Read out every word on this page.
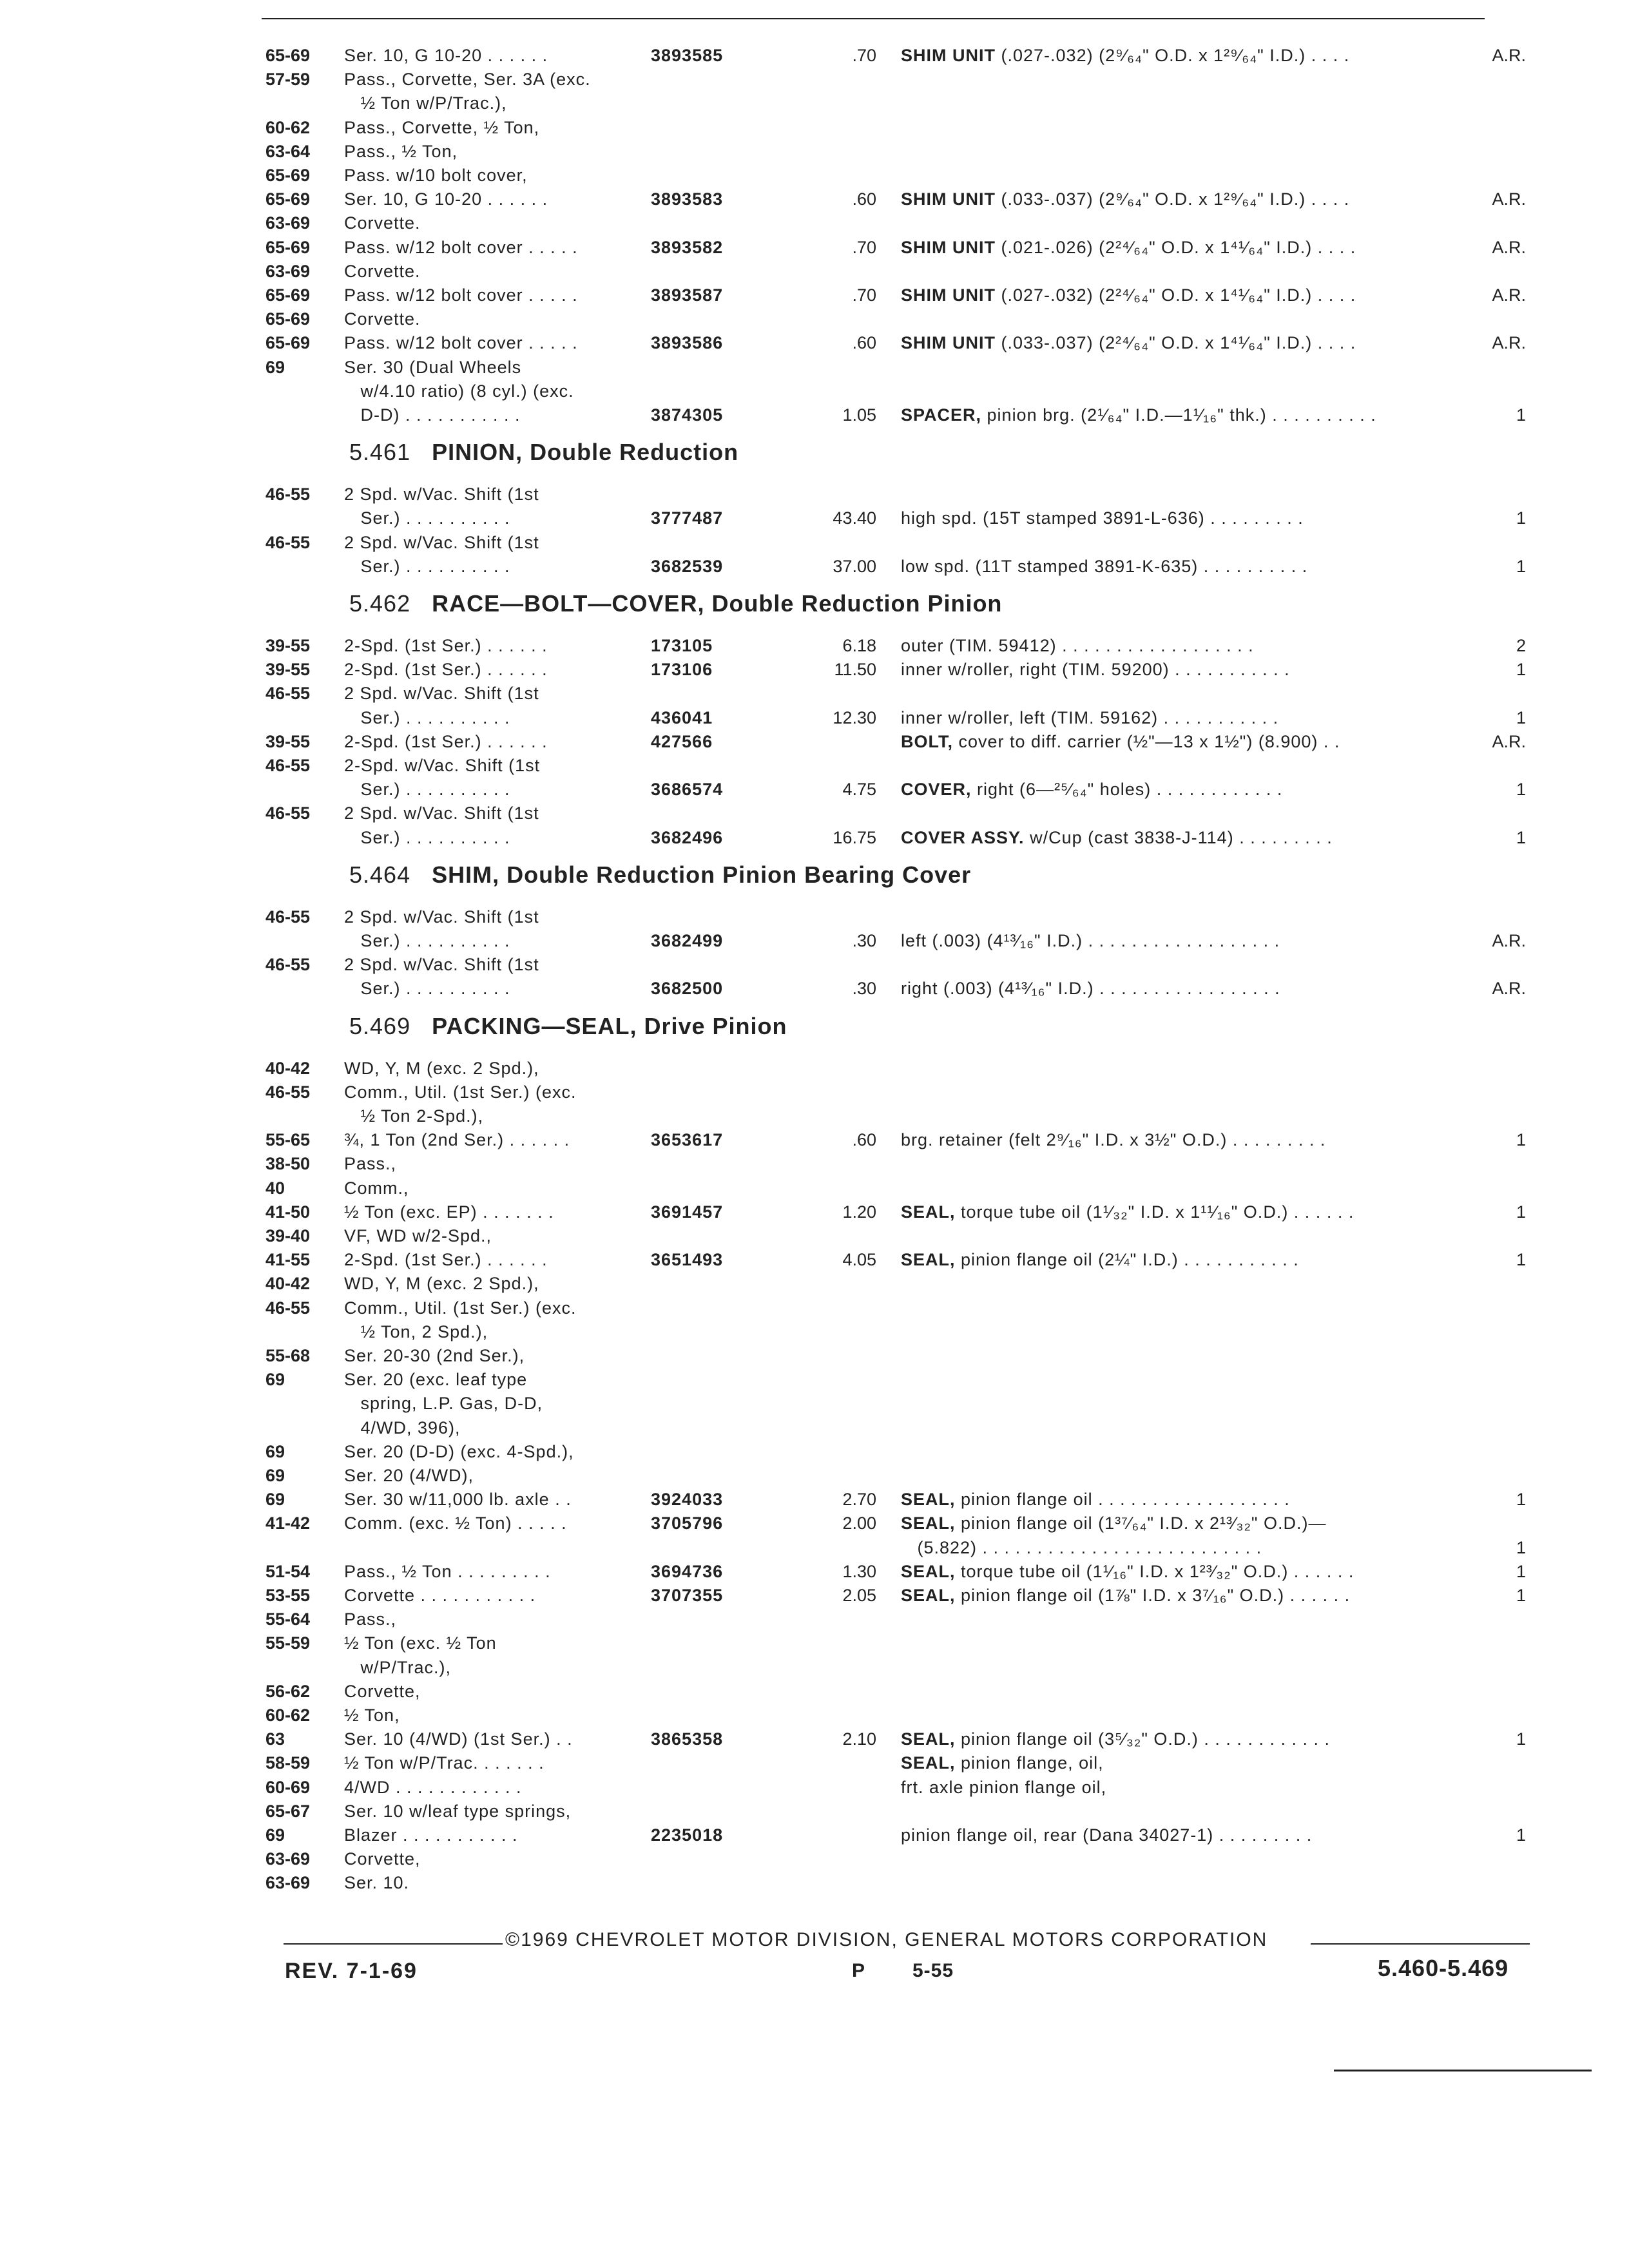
65-69 Ser. 10, G 10-20 . . . . . .	3893585	.70 SHIM UNIT (.027-.032) (2⁹⁄₆₄" O.D. x 1²⁹⁄₆₄" I.D.) . . . .	A.R.
57-59 Pass., Corvette, Ser. 3A (exc.
½ Ton w/P/Trac.),
60-62 Pass., Corvette, ½ Ton,
63-64 Pass., ½ Ton,
65-69 Pass. w/10 bolt cover,
65-69 Ser. 10, G 10-20 . . . . . .	3893583	.60 SHIM UNIT (.033-.037) (2⁹⁄₆₄" O.D. x 1²⁹⁄₆₄" I.D.) . . . .	A.R.
63-69 Corvette.
65-69 Pass. w/12 bolt cover . . . . .	3893582	.70 SHIM UNIT (.021-.026) (2²⁴⁄₆₄" O.D. x 1⁴¹⁄₆₄" I.D.) . . . .	A.R.
63-69 Corvette.
65-69 Pass. w/12 bolt cover . . . . .	3893587	.70 SHIM UNIT (.027-.032) (2²⁴⁄₆₄" O.D. x 1⁴¹⁄₆₄" I.D.) . . . .	A.R.
65-69 Corvette.
65-69 Pass. w/12 bolt cover . . . . .	3893586	.60 SHIM UNIT (.033-.037) (2²⁴⁄₆₄" O.D. x 1⁴¹⁄₆₄" I.D.) . . . .	A.R.
69	Ser. 30 (Dual Wheels
w/4.10 ratio) (8 cyl.) (exc.
D-D) . . . . . . . . . . .	3874305	1.05 SPACER, pinion brg. (2¹⁄₆₄" I.D.—1¹⁄₁₆" thk.) . . . . . . . . . .	1
5.461 PINION, Double Reduction
46-55 2 Spd. w/Vac. Shift (1st
Ser.) . . . . . . . . . .	3777487	43.40 high spd. (15T stamped 3891-L-636) . . . . . . . . .	1
46-55 2 Spd. w/Vac. Shift (1st
Ser.) . . . . . . . . . .	3682539	37.00 low spd. (11T stamped 3891-K-635) . . . . . . . . . .	1
5.462 RACE—BOLT—COVER, Double Reduction Pinion
39-55 2-Spd. (1st Ser.) . . . . . .	173105	6.18 outer (TIM. 59412) . . . . . . . . . . . . . . . . . .	2
39-55 2-Spd. (1st Ser.) . . . . . .	173106	11.50 inner w/roller, right (TIM. 59200) . . . . . . . . . . .	1
46-55 2 Spd. w/Vac. Shift (1st
Ser.) . . . . . . . . . .	436041	12.30 inner w/roller, left (TIM. 59162) . . . . . . . . . . .	1
39-55 2-Spd. (1st Ser.) . . . . . .	427566	BOLT, cover to diff. carrier (½"—13 x 1½") (8.900) . .	A.R.
46-55 2-Spd. w/Vac. Shift (1st
Ser.) . . . . . . . . . .	3686574	4.75 COVER, right (6—²⁵⁄₆₄" holes) . . . . . . . . . . . .	1
46-55 2 Spd. w/Vac. Shift (1st
Ser.) . . . . . . . . . .	3682496	16.75 COVER ASSY. w/Cup (cast 3838-J-114) . . . . . . . . .	1
5.464 SHIM, Double Reduction Pinion Bearing Cover
46-55 2 Spd. w/Vac. Shift (1st
Ser.) . . . . . . . . . .	3682499	.30 left (.003) (4¹³⁄₁₆" I.D.) . . . . . . . . . . . . . . . . . .	A.R.
46-55 2 Spd. w/Vac. Shift (1st
Ser.) . . . . . . . . . .	3682500	.30 right (.003) (4¹³⁄₁₆" I.D.) . . . . . . . . . . . . . . . . .	A.R.
5.469 PACKING—SEAL, Drive Pinion
40-42 WD, Y, M (exc. 2 Spd.),
46-55 Comm., Util. (1st Ser.) (exc.
½ Ton 2-Spd.),
55-65 ¾, 1 Ton (2nd Ser.) . . . . . .	3653617	.60 brg. retainer (felt 2⁹⁄₁₆" I.D. x 3½" O.D.) . . . . . . . . .	1
38-50 Pass.,
40	Comm.,
41-50 ½ Ton (exc. EP) . . . . . . .	3691457	1.20 SEAL, torque tube oil (1¹⁄₃₂" I.D. x 1¹¹⁄₁₆" O.D.) . . . . . .	1
39-40 VF, WD w/2-Spd.,
41-55 2-Spd. (1st Ser.) . . . . . .	3651493	4.05 SEAL, pinion flange oil (2¼" I.D.) . . . . . . . . . . .	1
40-42 WD, Y, M (exc. 2 Spd.),
46-55 Comm., Util. (1st Ser.) (exc.
½ Ton, 2 Spd.),
55-68 Ser. 20-30 (2nd Ser.),
69	Ser. 20 (exc. leaf type
spring, L.P. Gas, D-D,
4/WD, 396),
69	Ser. 20 (D-D) (exc. 4-Spd.),
69	Ser. 20 (4/WD),
69	Ser. 30 w/11,000 lb. axle . .	3924033	2.70 SEAL, pinion flange oil . . . . . . . . . . . . . . . . . .	1
41-42 Comm. (exc. ½ Ton) . . . . .	3705796	2.00 SEAL, pinion flange oil (1³⁷⁄₆₄" I.D. x 2¹³⁄₃₂" O.D.)—
(5.822) . . . . . . . . . . . . . . . . . . . . . . . . . .	1
51-54 Pass., ½ Ton . . . . . . . . .	3694736	1.30 SEAL, torque tube oil (1¹⁄₁₆" I.D. x 1²³⁄₃₂" O.D.) . . . . . .	1
53-55 Corvette . . . . . . . . . . .	3707355	2.05 SEAL, pinion flange oil (1⅞" I.D. x 3⁷⁄₁₆" O.D.) . . . . . .	1
55-64 Pass.,
55-59 ½ Ton (exc. ½ Ton
w/P/Trac.),
56-62 Corvette,
60-62 ½ Ton,
63	Ser. 10 (4/WD) (1st Ser.) . .	3865358	2.10 SEAL, pinion flange oil (3⁵⁄₃₂" O.D.) . . . . . . . . . . . .	1
58-59 ½ Ton w/P/Trac. . . . . . .	SEAL, pinion flange, oil,
60-69 4/WD . . . . . . . . . . . .	frt. axle pinion flange oil,
65-67 Ser. 10 w/leaf type springs,
69	Blazer . . . . . . . . . . .	2235018	pinion flange oil, rear (Dana 34027-1) . . . . . . . . .	1
63-69 Corvette,
63-69 Ser. 10.
©1969 CHEVROLET MOTOR DIVISION, GENERAL MOTORS CORPORATION
REV. 7-1-69	P 5-55	5.460-5.469
